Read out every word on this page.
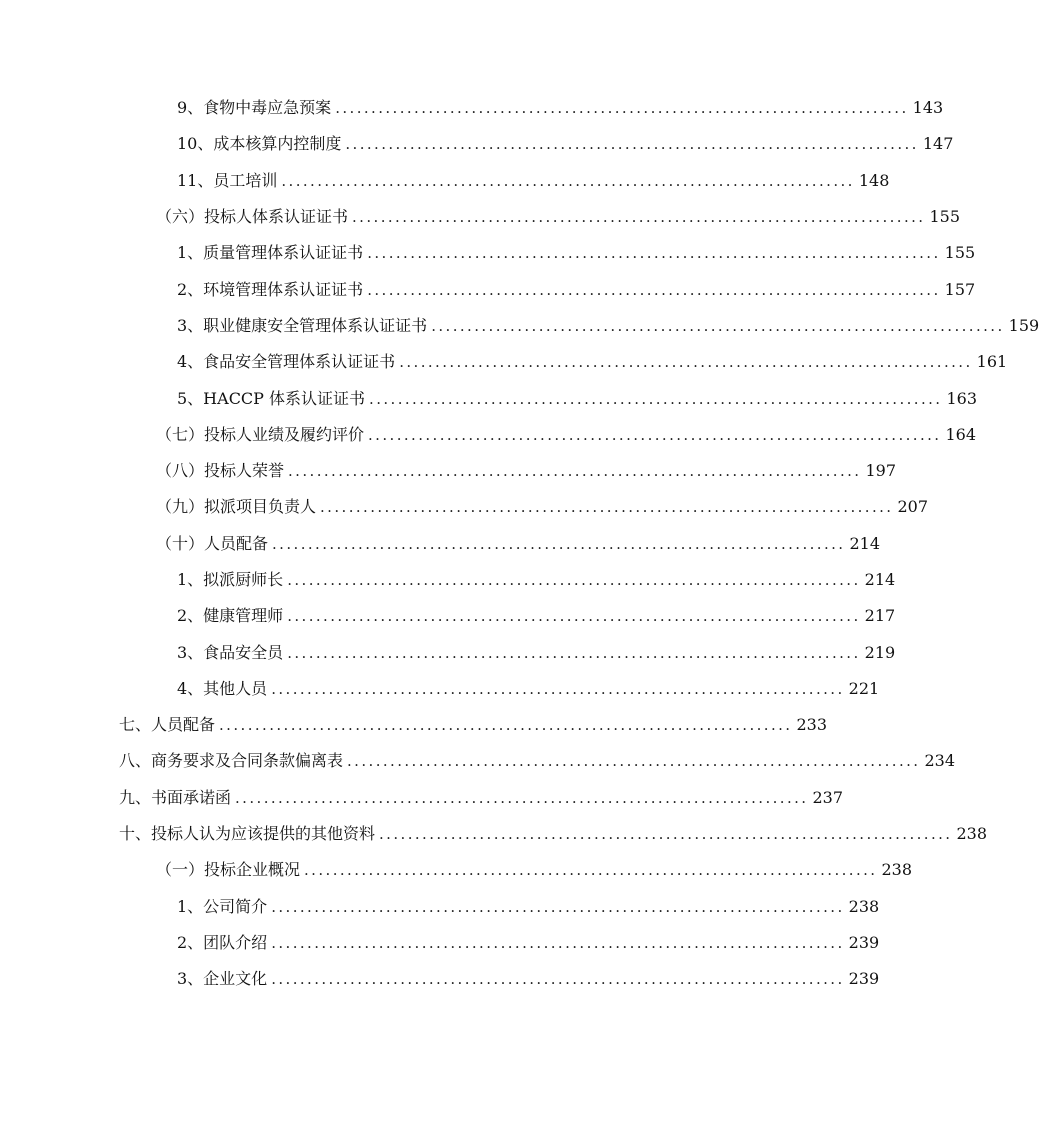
9、食物中毒应急预案 ................................................................................ 143
10、成本核算内控制度 ................................................................................ 147
11、员工培训 ................................................................................ 148
（六）投标人体系认证证书 ................................................................................ 155
1、质量管理体系认证证书 ................................................................................ 155
2、环境管理体系认证证书 ................................................................................ 157
3、职业健康安全管理体系认证证书 ................................................................................ 159
4、食品安全管理体系认证证书 ................................................................................ 161
5、HACCP 体系认证证书 ................................................................................ 163
（七）投标人业绩及履约评价 ................................................................................ 164
（八）投标人荣誉 ................................................................................ 197
（九）拟派项目负责人 ................................................................................ 207
（十）人员配备 ................................................................................ 214
1、拟派厨师长 ................................................................................ 214
2、健康管理师 ................................................................................ 217
3、食品安全员 ................................................................................ 219
4、其他人员 ................................................................................ 221
七、人员配备 ................................................................................ 233
八、商务要求及合同条款偏离表 ................................................................................ 234
九、书面承诺函 ................................................................................ 237
十、投标人认为应该提供的其他资料 ................................................................................ 238
（一）投标企业概况 ................................................................................ 238
1、公司简介 ................................................................................ 238
2、团队介绍 ................................................................................ 239
3、企业文化 ................................................................................ 239
